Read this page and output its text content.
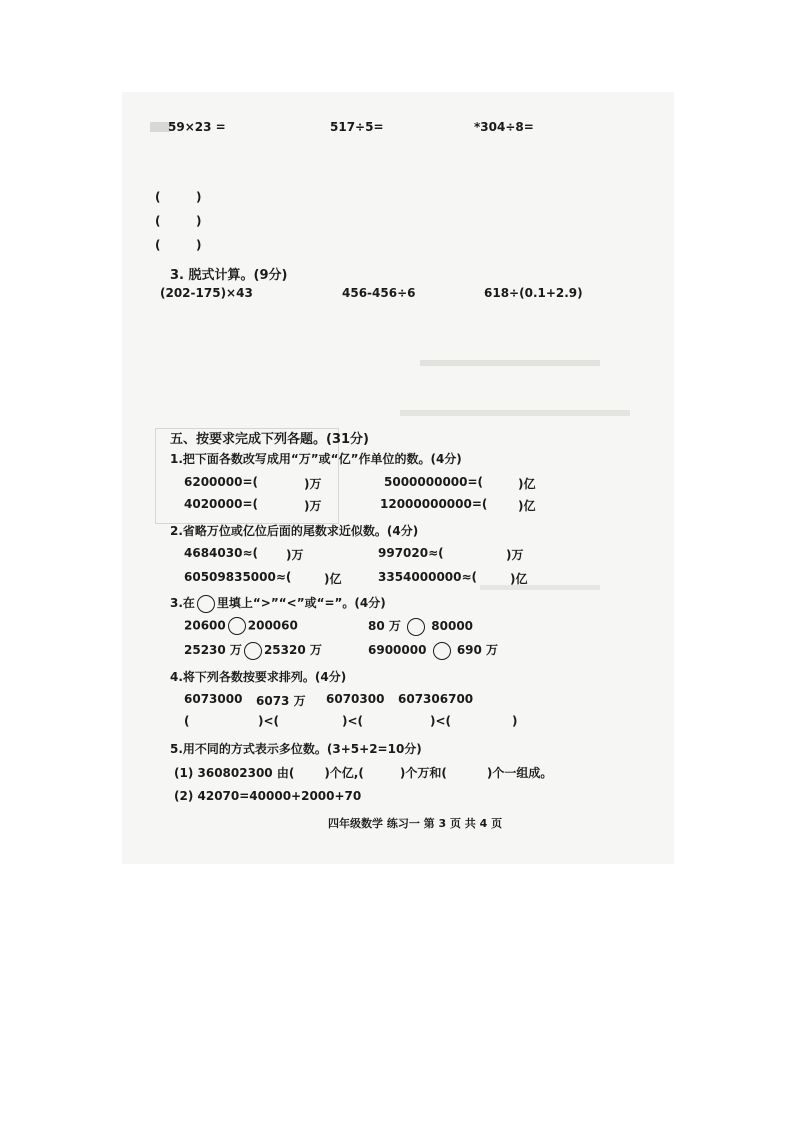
59×23 =	517÷5=	*304÷8=
(	)
(	)
(	)
3. 脱式计算。(9分)
(202-175)×43	456-456÷6	618÷(0.1+2.9)
五、按要求完成下列各题。(31分)
1.把下面各数改写成用“万”或“亿”作单位的数。(4分)
6200000=(	)万	5000000000=(	)亿
4020000=(	)万	12000000000=(	)亿
2.省略万位或亿位后面的尾数求近似数。(4分)
4684030≈( )万	997020≈(	)万
60509835000≈(	)亿	3354000000≈(	)亿
3.在 里填上“>”“<”或“=”。(4分)
20600 200060	80 万	80000
25230 万 25320 万	6900000	690 万
4.将下列各数按要求排列。(4分)
6073000 6073 万 6070300 607306700
(	)<(	)<(	)<(	)
5.用不同的方式表示多位数。(3+5+2=10分)
(1) 360802300 由(	)个亿,(	)个万和(	)个一组成。
(2) 42070=40000+2000+70
四年级数学 练习一 第 3 页 共 4 页
